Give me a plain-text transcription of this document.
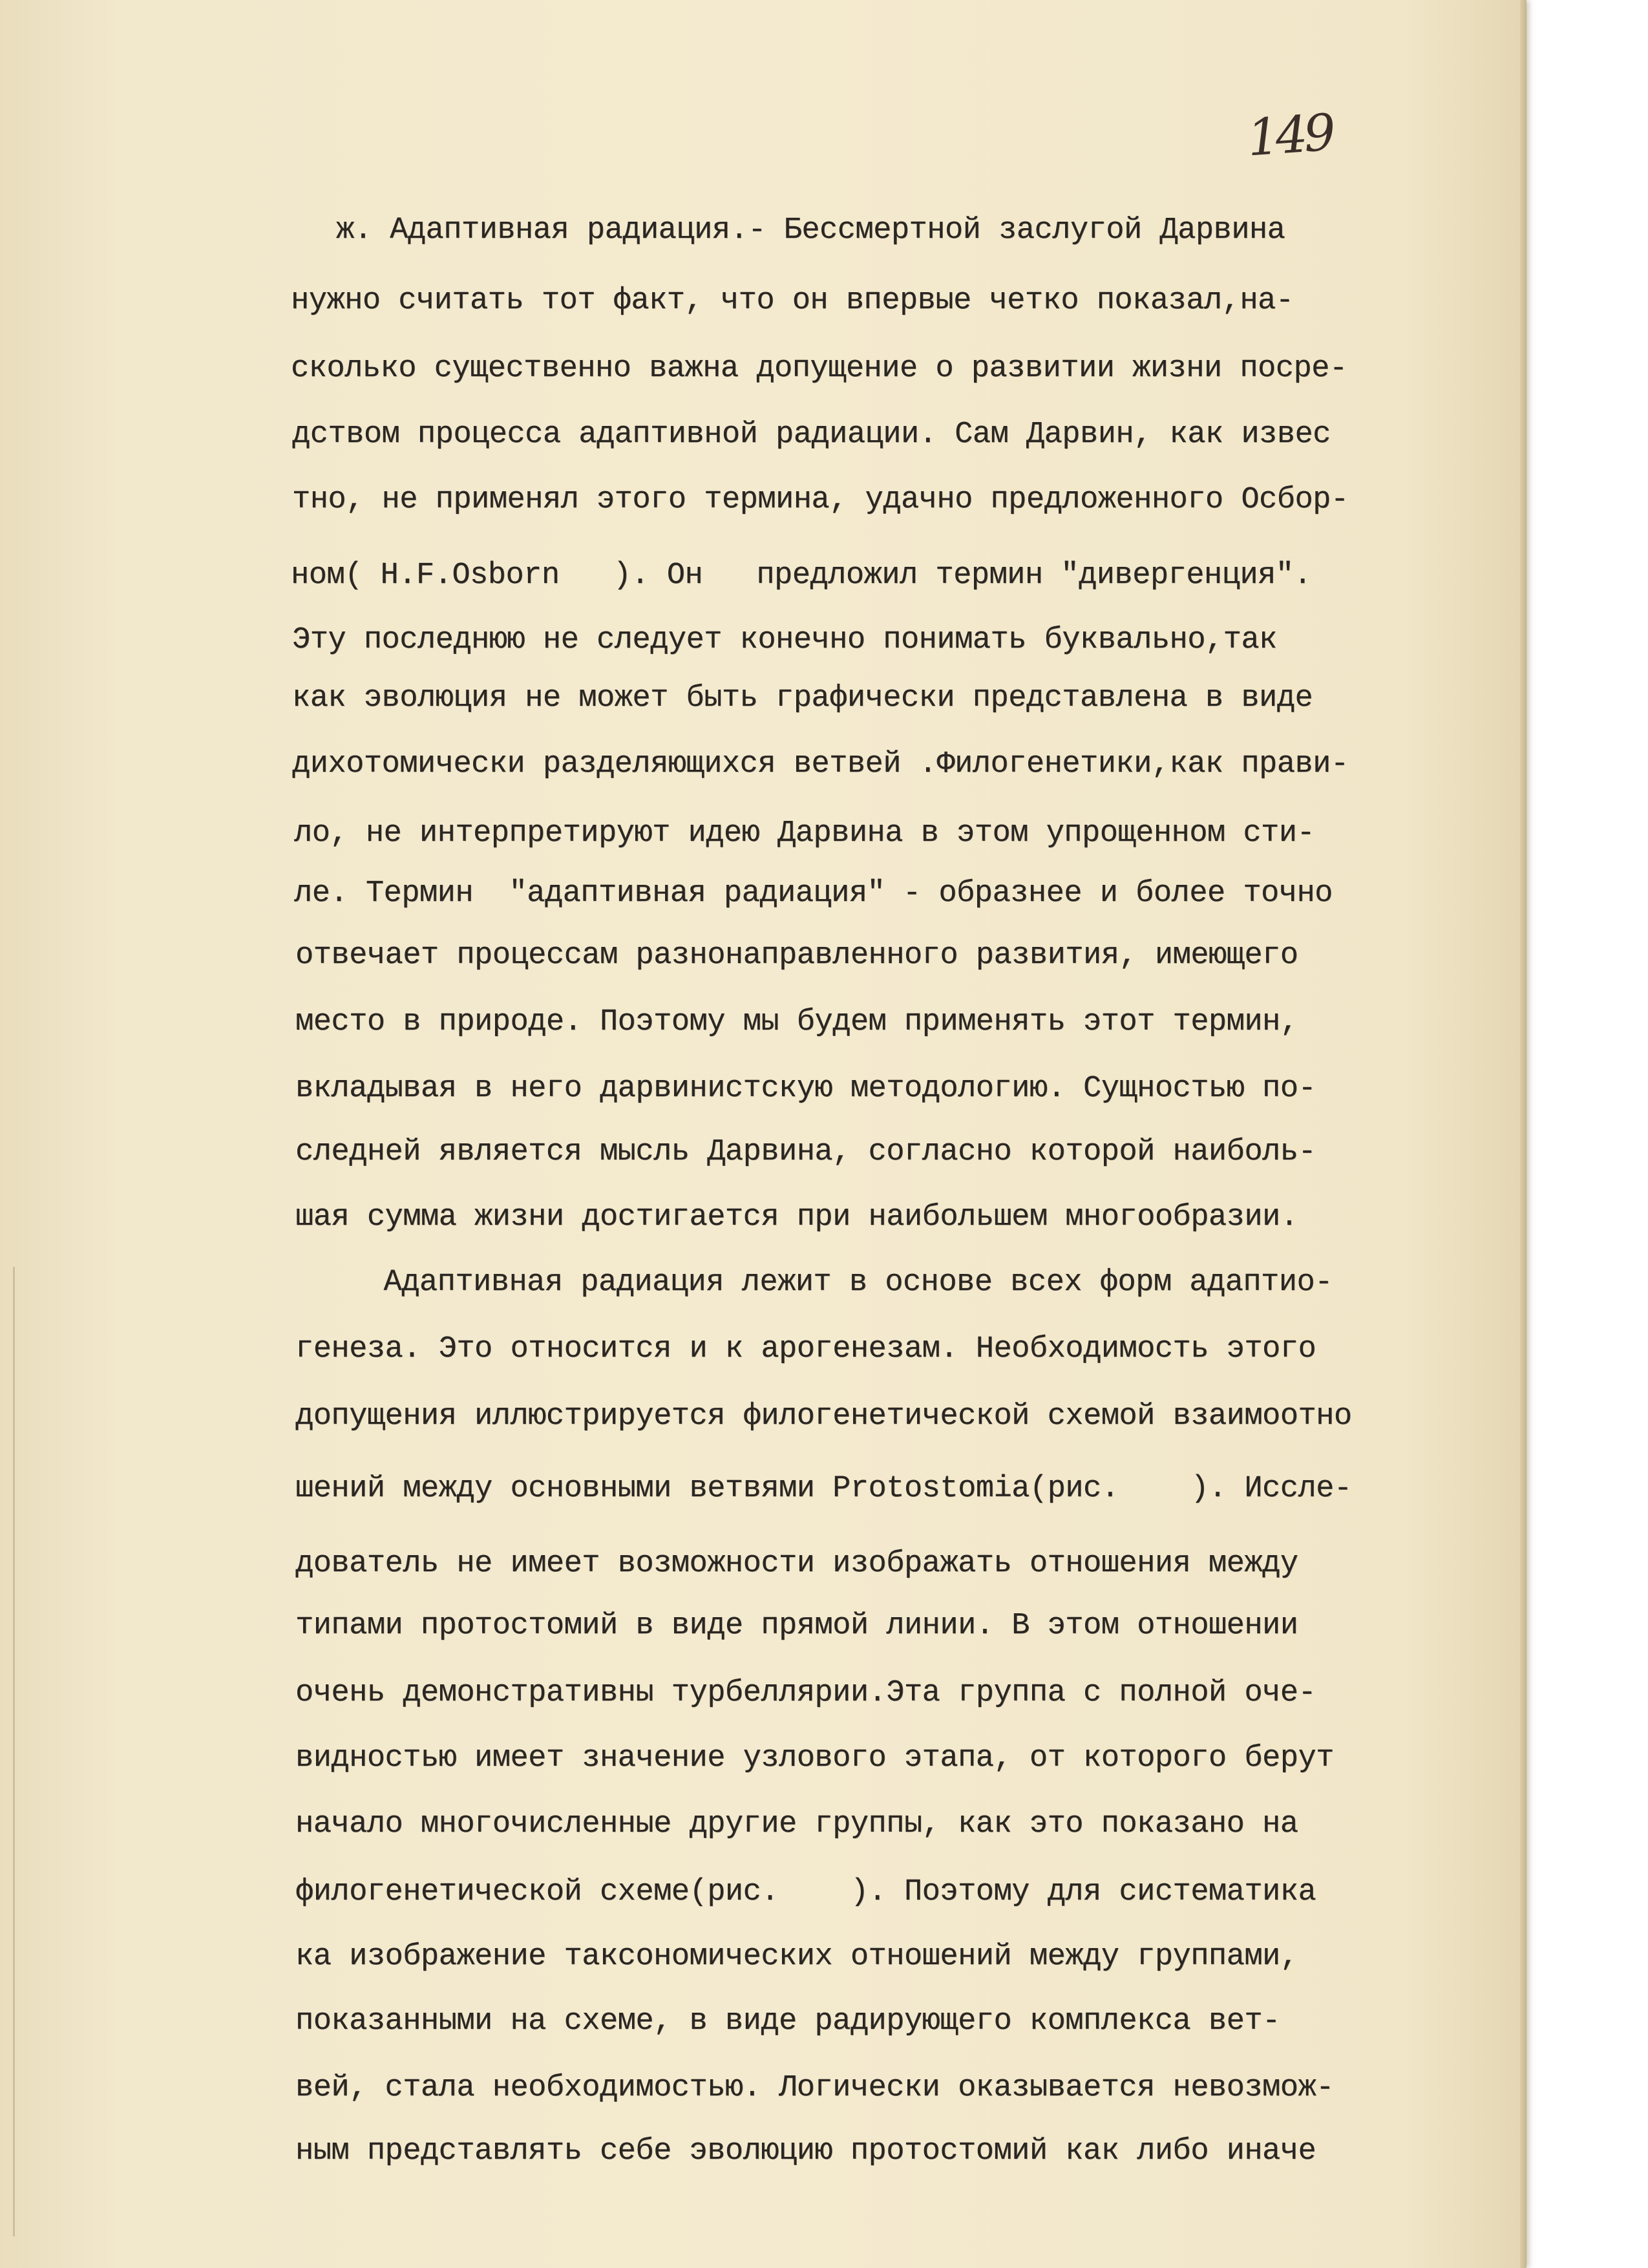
149
ж. Адаптивная радиация.- Бессмертной заслугой Дарвина
нужно считать тот факт, что он впервые четко показал,на-
сколько существенно важна допущение о развитии жизни посре-
дством процесса адаптивной радиации. Сам Дарвин, как извес
тно, не применял этого термина, удачно предложенного Осбор-
ном( H.F.Osborn   ). Он   предложил термин "дивергенция".
Эту последнюю не следует конечно понимать буквально,так
как эволюция не может быть графически представлена в виде
дихотомически разделяющихся ветвей .Филогенетики,как прави-
ло, не интерпретируют идею Дарвина в этом упрощенном сти-
ле. Термин  "адаптивная радиация" - образнее и более точно
отвечает процессам разнонаправленного развития, имеющего
место в природе. Поэтому мы будем применять этот термин,
вкладывая в него дарвинистскую методологию. Сущностью по-
следней является мысль Дарвина, согласно которой наиболь-
шая сумма жизни достигается при наибольшем многообразии.
Адаптивная радиация лежит в основе всех форм адаптио-
генеза. Это относится и к арогенезам. Необходимость этого
допущения иллюстрируется филогенетической схемой взаимоотно
шений между основными ветвями Protostomia(рис.    ). Иссле-
дователь не имеет возможности изображать отношения между
типами протостомий в виде прямой линии. В этом отношении
очень демонстративны турбеллярии.Эта группа с полной оче-
видностью имеет значение узлового этапа, от которого берут
начало многочисленные другие группы, как это показано на
филогенетической схеме(рис.    ). Поэтому для систематика
ка изображение таксономических отношений между группами,
показанными на схеме, в виде радирующего комплекса вет-
вей, стала необходимостью. Логически оказывается невозмож-
ным представлять себе эволюцию протостомий как либо иначе
